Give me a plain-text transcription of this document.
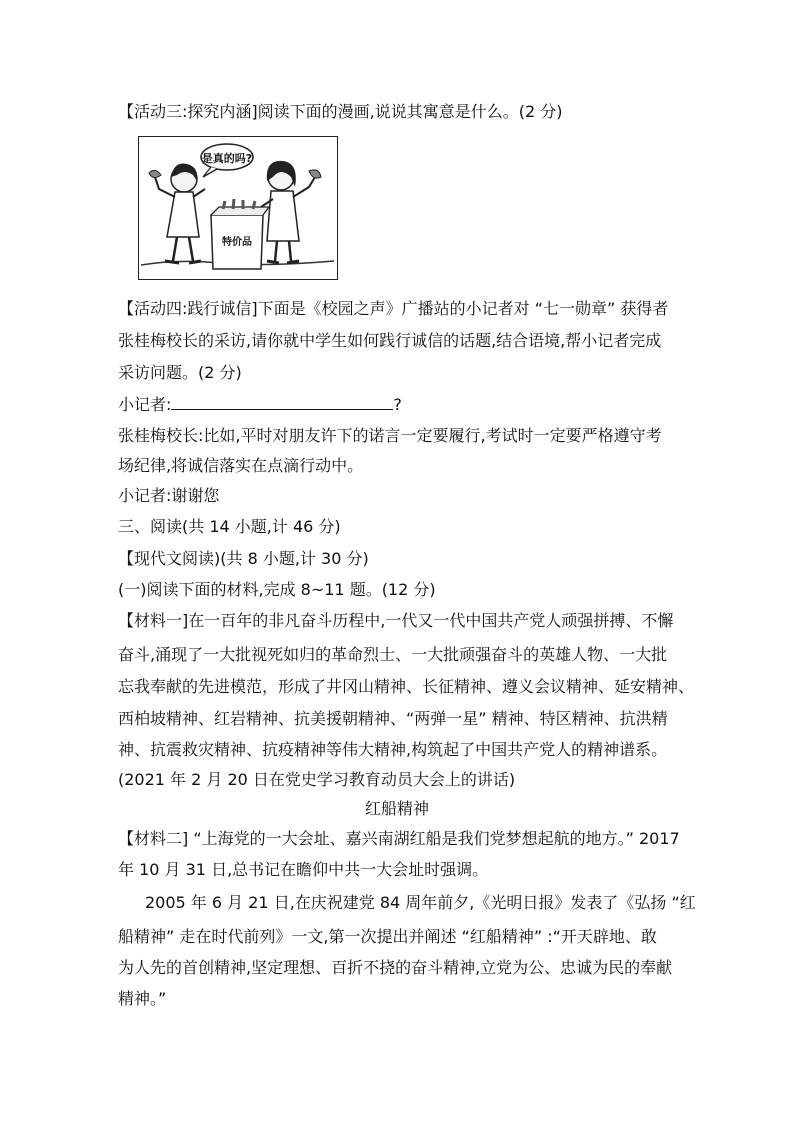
【活动三:探究内涵]阅读下面的漫画,说说其寓意是什么。(2 分)
是真的吗?
特价品
【活动四:践行诚信]下面是《校园之声》广播站的小记者对 “七一勋章” 获得者
张桂梅校长的采访,请你就中学生如何践行诚信的话题,结合语境,帮小记者完成
采访问题。(2 分)
小记者:	?
张桂梅校长:比如,平时对朋友许下的诺言一定要履行,考试时一定要严格遵守考
场纪律,将诚信落实在点滴行动中。
小记者:谢谢您
三、阅读(共 14 小题,计 46 分)
【现代文阅读)(共 8 小题,计 30 分)
(一)阅读下面的材料,完成 8~11 题。(12 分)
【材料一]在一百年的非凡奋斗历程中,一代又一代中国共产党人顽强拼搏、不懈
奋斗,涌现了一大批视死如归的革命烈士、一大批顽强奋斗的英雄人物、一大批
忘我奉献的先进模范，形成了井冈山精神、长征精神、遵义会议精神、延安精神、
西柏坡精神、红岩精神、抗美援朝精神、“两弹一星” 精神、特区精神、抗洪精
神、抗震救灾精神、抗疫精神等伟大精神,构筑起了中国共产党人的精神谱系。
(2021 年 2 月 20 日在党史学习教育动员大会上的讲话)
红船精神
【材料二] “上海党的一大会址、嘉兴南湖红船是我们党梦想起航的地方。” 2017
年 10 月 31 日,总书记在瞻仰中共一大会址时强调。
2005 年 6 月 21 日,在庆祝建党 84 周年前夕,《光明日报》发表了《弘扬 “红
船精神” 走在时代前列》一文,第一次提出并阐述 “红船精神” :“开天辟地、敢
为人先的首创精神,坚定理想、百折不挠的奋斗精神,立党为公、忠诚为民的奉献
精神。”
